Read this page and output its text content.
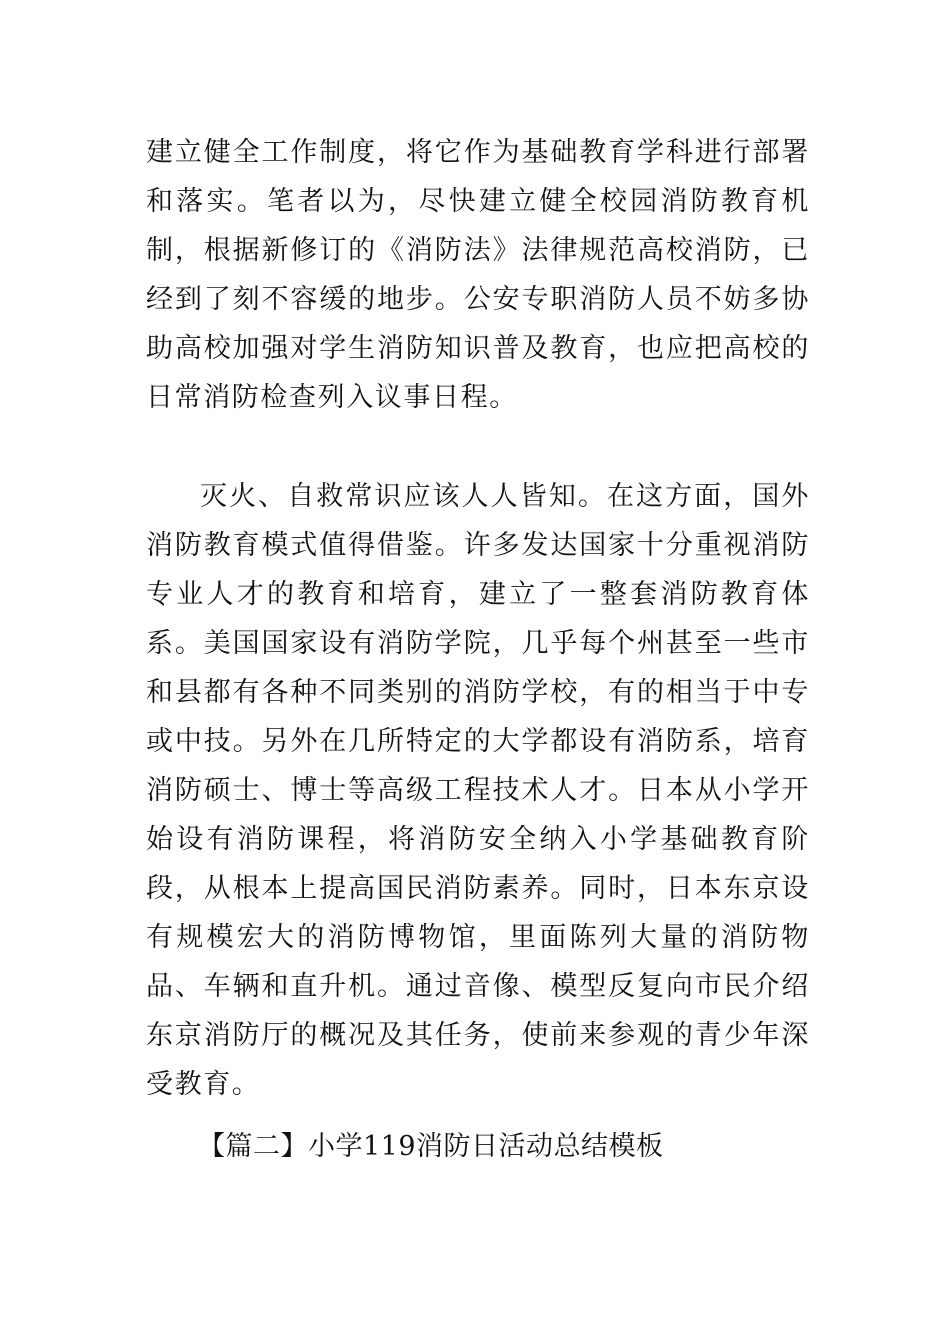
建立健全工作制度，将它作为基础教育学科进行部署和落实。笔者以为，尽快建立健全校园消防教育机制，根据新修订的《消防法》法律规范高校消防，已经到了刻不容缓的地步。公安专职消防人员不妨多协助高校加强对学生消防知识普及教育，也应把高校的日常消防检查列入议事日程。

灭火、自救常识应该人人皆知。在这方面，国外消防教育模式值得借鉴。许多发达国家十分重视消防专业人才的教育和培育，建立了一整套消防教育体系。美国国家设有消防学院，几乎每个州甚至一些市和县都有各种不同类别的消防学校，有的相当于中专或中技。另外在几所特定的大学都设有消防系，培育消防硕士、博士等高级工程技术人才。日本从小学开始设有消防课程，将消防安全纳入小学基础教育阶段，从根本上提高国民消防素养。同时，日本东京设有规模宏大的消防博物馆，里面陈列大量的消防物品、车辆和直升机。通过音像、模型反复向市民介绍东京消防厅的概况及其任务，使前来参观的青少年深受教育。

【篇二】小学119消防日活动总结模板
